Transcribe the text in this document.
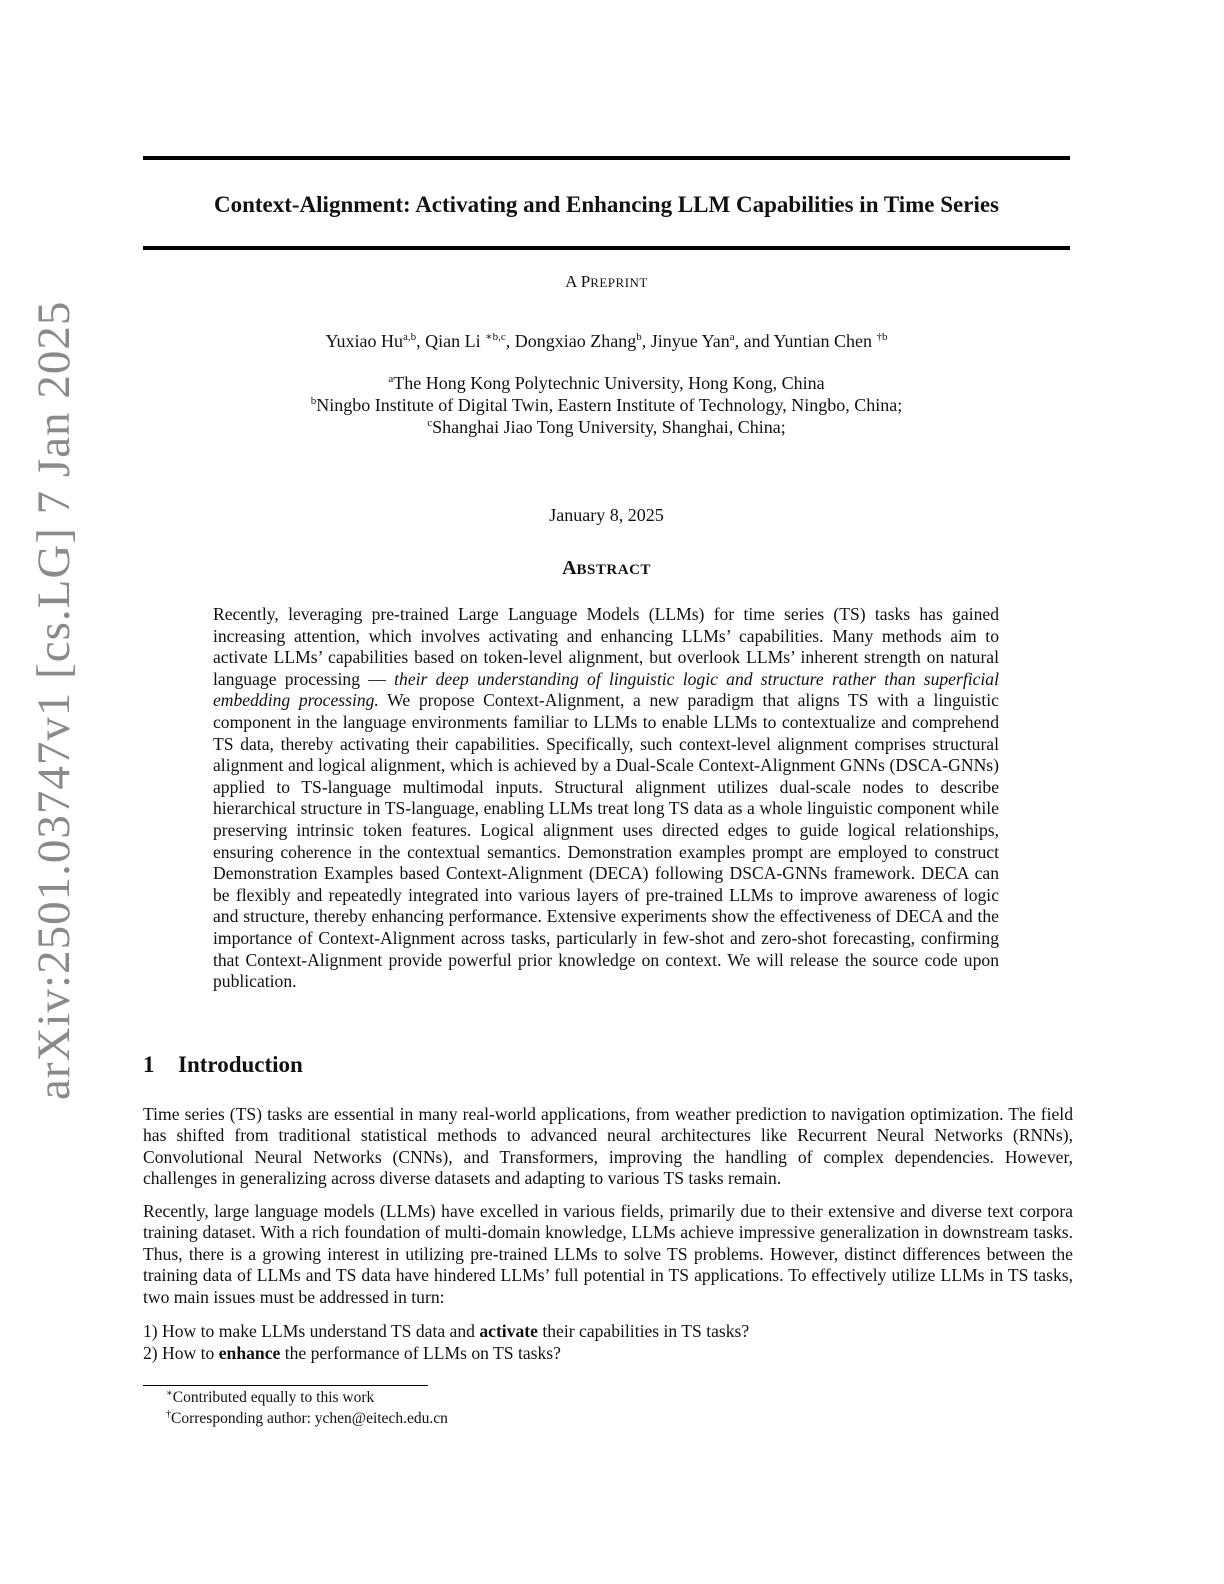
arXiv:2501.03747v1 [cs.LG] 7 Jan 2025
Context-Alignment: Activating and Enhancing LLM Capabilities in Time Series
A PREPRINT
Yuxiao Hu$^{a,b}$, Qian Li $^{∗b,c}$, Dongxiao Zhang$^b$, Jinyue Yan$^a$, and Yuntian Chen $^{\dagger b}$
$^a$The Hong Kong Polytechnic University, Hong Kong, China
$^b$Ningbo Institute of Digital Twin, Eastern Institute of Technology, Ningbo, China;
$^c$Shanghai Jiao Tong University, Shanghai, China;
January 8, 2025
ABSTRACT
Recently, leveraging pre-trained Large Language Models (LLMs) for time series (TS) tasks has gained increasing attention, which involves activating and enhancing LLMs’ capabilities. Many methods aim to activate LLMs’ capabilities based on token-level alignment, but overlook LLMs’ inherent strength on natural language processing — their deep understanding of linguistic logic and structure rather than superficial embedding processing. We propose Context-Alignment, a new paradigm that aligns TS with a linguistic component in the language environments familiar to LLMs to enable LLMs to contextualize and comprehend TS data, thereby activating their capabilities. Specifically, such context-level alignment comprises structural alignment and logical alignment, which is achieved by a Dual-Scale Context-Alignment GNNs (DSCA-GNNs) applied to TS-language multimodal inputs. Structural alignment utilizes dual-scale nodes to describe hierarchical structure in TS-language, enabling LLMs treat long TS data as a whole linguistic component while preserving intrinsic token features. Logical alignment uses directed edges to guide logical relationships, ensuring coherence in the contextual semantics. Demonstration examples prompt are employed to construct Demonstration Examples based Context-Alignment (DECA) following DSCA-GNNs framework. DECA can be flexibly and repeatedly integrated into various layers of pre-trained LLMs to improve awareness of logic and structure, thereby enhancing performance. Extensive experiments show the effectiveness of DECA and the importance of Context-Alignment across tasks, particularly in few-shot and zero-shot forecasting, confirming that Context-Alignment provide powerful prior knowledge on context. We will release the source code upon publication.
1 Introduction
Time series (TS) tasks are essential in many real-world applications, from weather prediction to navigation optimization. The field has shifted from traditional statistical methods to advanced neural architectures like Recurrent Neural Networks (RNNs), Convolutional Neural Networks (CNNs), and Transformers, improving the handling of complex dependencies. However, challenges in generalizing across diverse datasets and adapting to various TS tasks remain.
Recently, large language models (LLMs) have excelled in various fields, primarily due to their extensive and diverse text corpora training dataset. With a rich foundation of multi-domain knowledge, LLMs achieve impressive generalization in downstream tasks. Thus, there is a growing interest in utilizing pre-trained LLMs to solve TS problems. However, distinct differences between the training data of LLMs and TS data have hindered LLMs’ full potential in TS applications. To effectively utilize LLMs in TS tasks, two main issues must be addressed in turn:
1) How to make LLMs understand TS data and activate their capabilities in TS tasks?
2) How to enhance the performance of LLMs on TS tasks?
∗Contributed equally to this work
†Corresponding author: ychen@eitech.edu.cn
